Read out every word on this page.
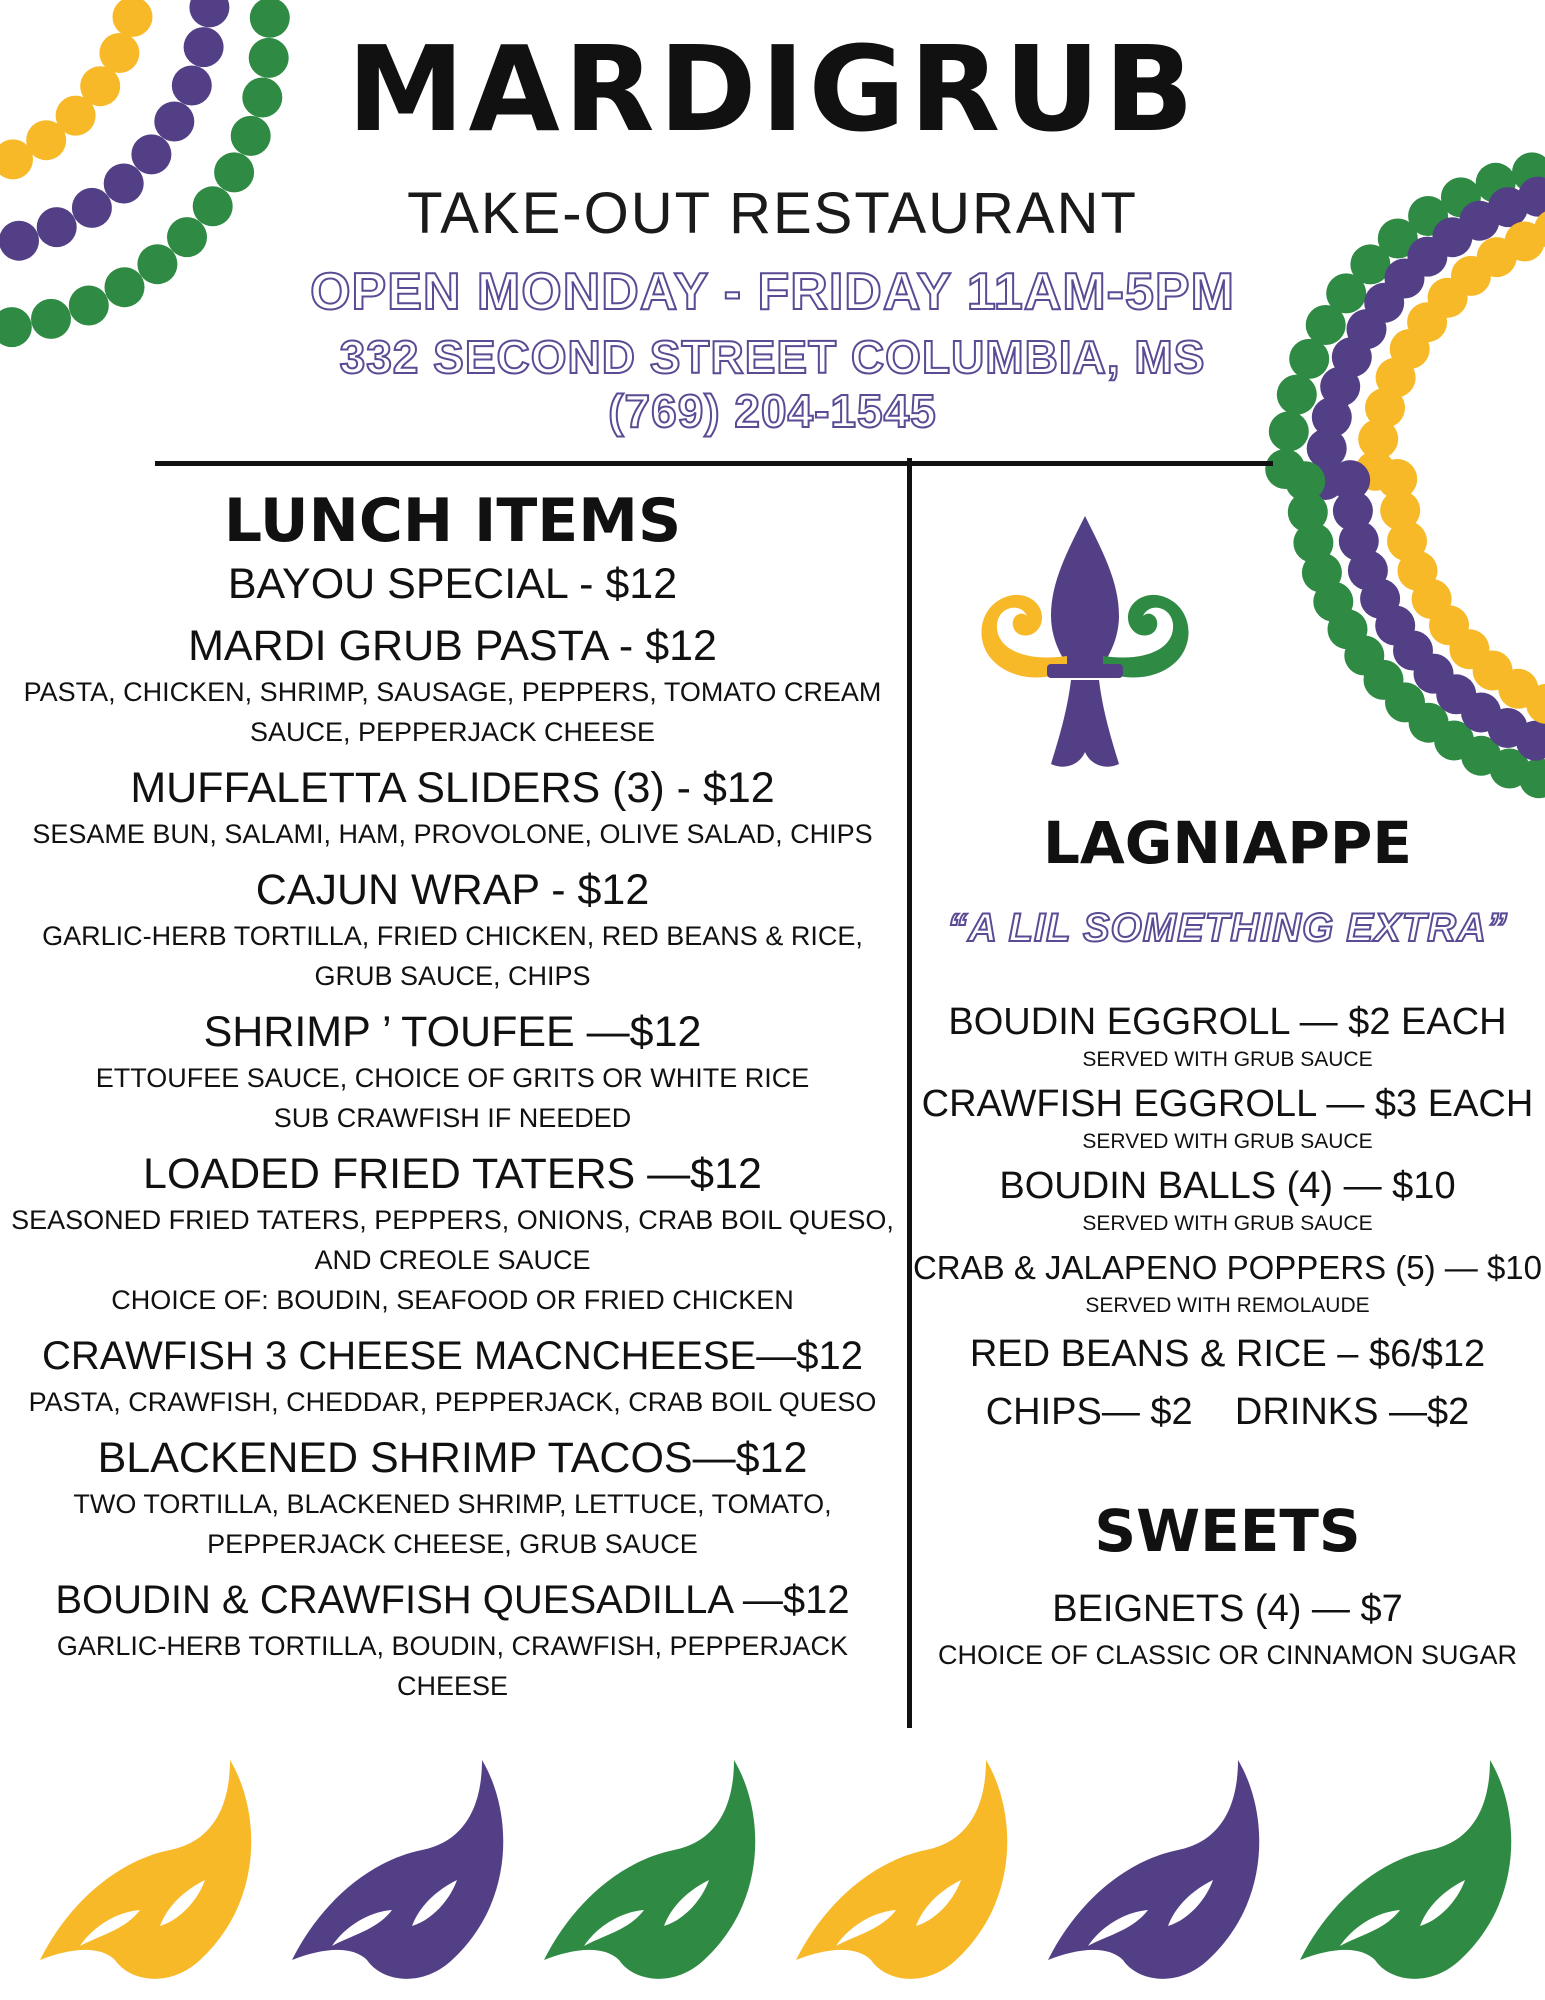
MARDIGRUB
TAKE-OUT RESTAURANT
OPEN MONDAY - FRIDAY 11AM-5PM
332 SECOND STREET COLUMBIA, MS
(769) 204-1545
LUNCH ITEMS
BAYOU SPECIAL - $12
MARDI GRUB PASTA - $12
PASTA, CHICKEN, SHRIMP, SAUSAGE, PEPPERS, TOMATO CREAM
SAUCE, PEPPERJACK CHEESE
MUFFALETTA SLIDERS (3) - $12
SESAME BUN, SALAMI, HAM, PROVOLONE, OLIVE SALAD, CHIPS
CAJUN WRAP - $12
GARLIC-HERB TORTILLA, FRIED CHICKEN, RED BEANS & RICE,
GRUB SAUCE, CHIPS
SHRIMP ’ TOUFEE —$12
ETTOUFEE SAUCE, CHOICE OF GRITS OR WHITE RICE
SUB CRAWFISH IF NEEDED
LOADED FRIED TATERS —$12
SEASONED FRIED TATERS, PEPPERS, ONIONS, CRAB BOIL QUESO,
AND CREOLE SAUCE
CHOICE OF: BOUDIN, SEAFOOD OR FRIED CHICKEN
CRAWFISH 3 CHEESE MACNCHEESE—$12
PASTA, CRAWFISH, CHEDDAR, PEPPERJACK, CRAB BOIL QUESO
BLACKENED SHRIMP TACOS—$12
TWO TORTILLA, BLACKENED SHRIMP, LETTUCE, TOMATO,
PEPPERJACK CHEESE, GRUB SAUCE
BOUDIN & CRAWFISH QUESADILLA —$12
GARLIC-HERB TORTILLA, BOUDIN, CRAWFISH, PEPPERJACK
CHEESE
LAGNIAPPE
“A LIL SOMETHING EXTRA”
BOUDIN EGGROLL — $2 EACH
SERVED WITH GRUB SAUCE
CRAWFISH EGGROLL — $3 EACH
SERVED WITH GRUB SAUCE
BOUDIN BALLS (4) — $10
SERVED WITH GRUB SAUCE
CRAB & JALAPENO POPPERS (5) — $10
SERVED WITH REMOLAUDE
RED BEANS & RICE – $6/$12
CHIPS— $2    DRINKS —$2
SWEETS
BEIGNETS (4) — $7
CHOICE OF CLASSIC OR CINNAMON SUGAR
